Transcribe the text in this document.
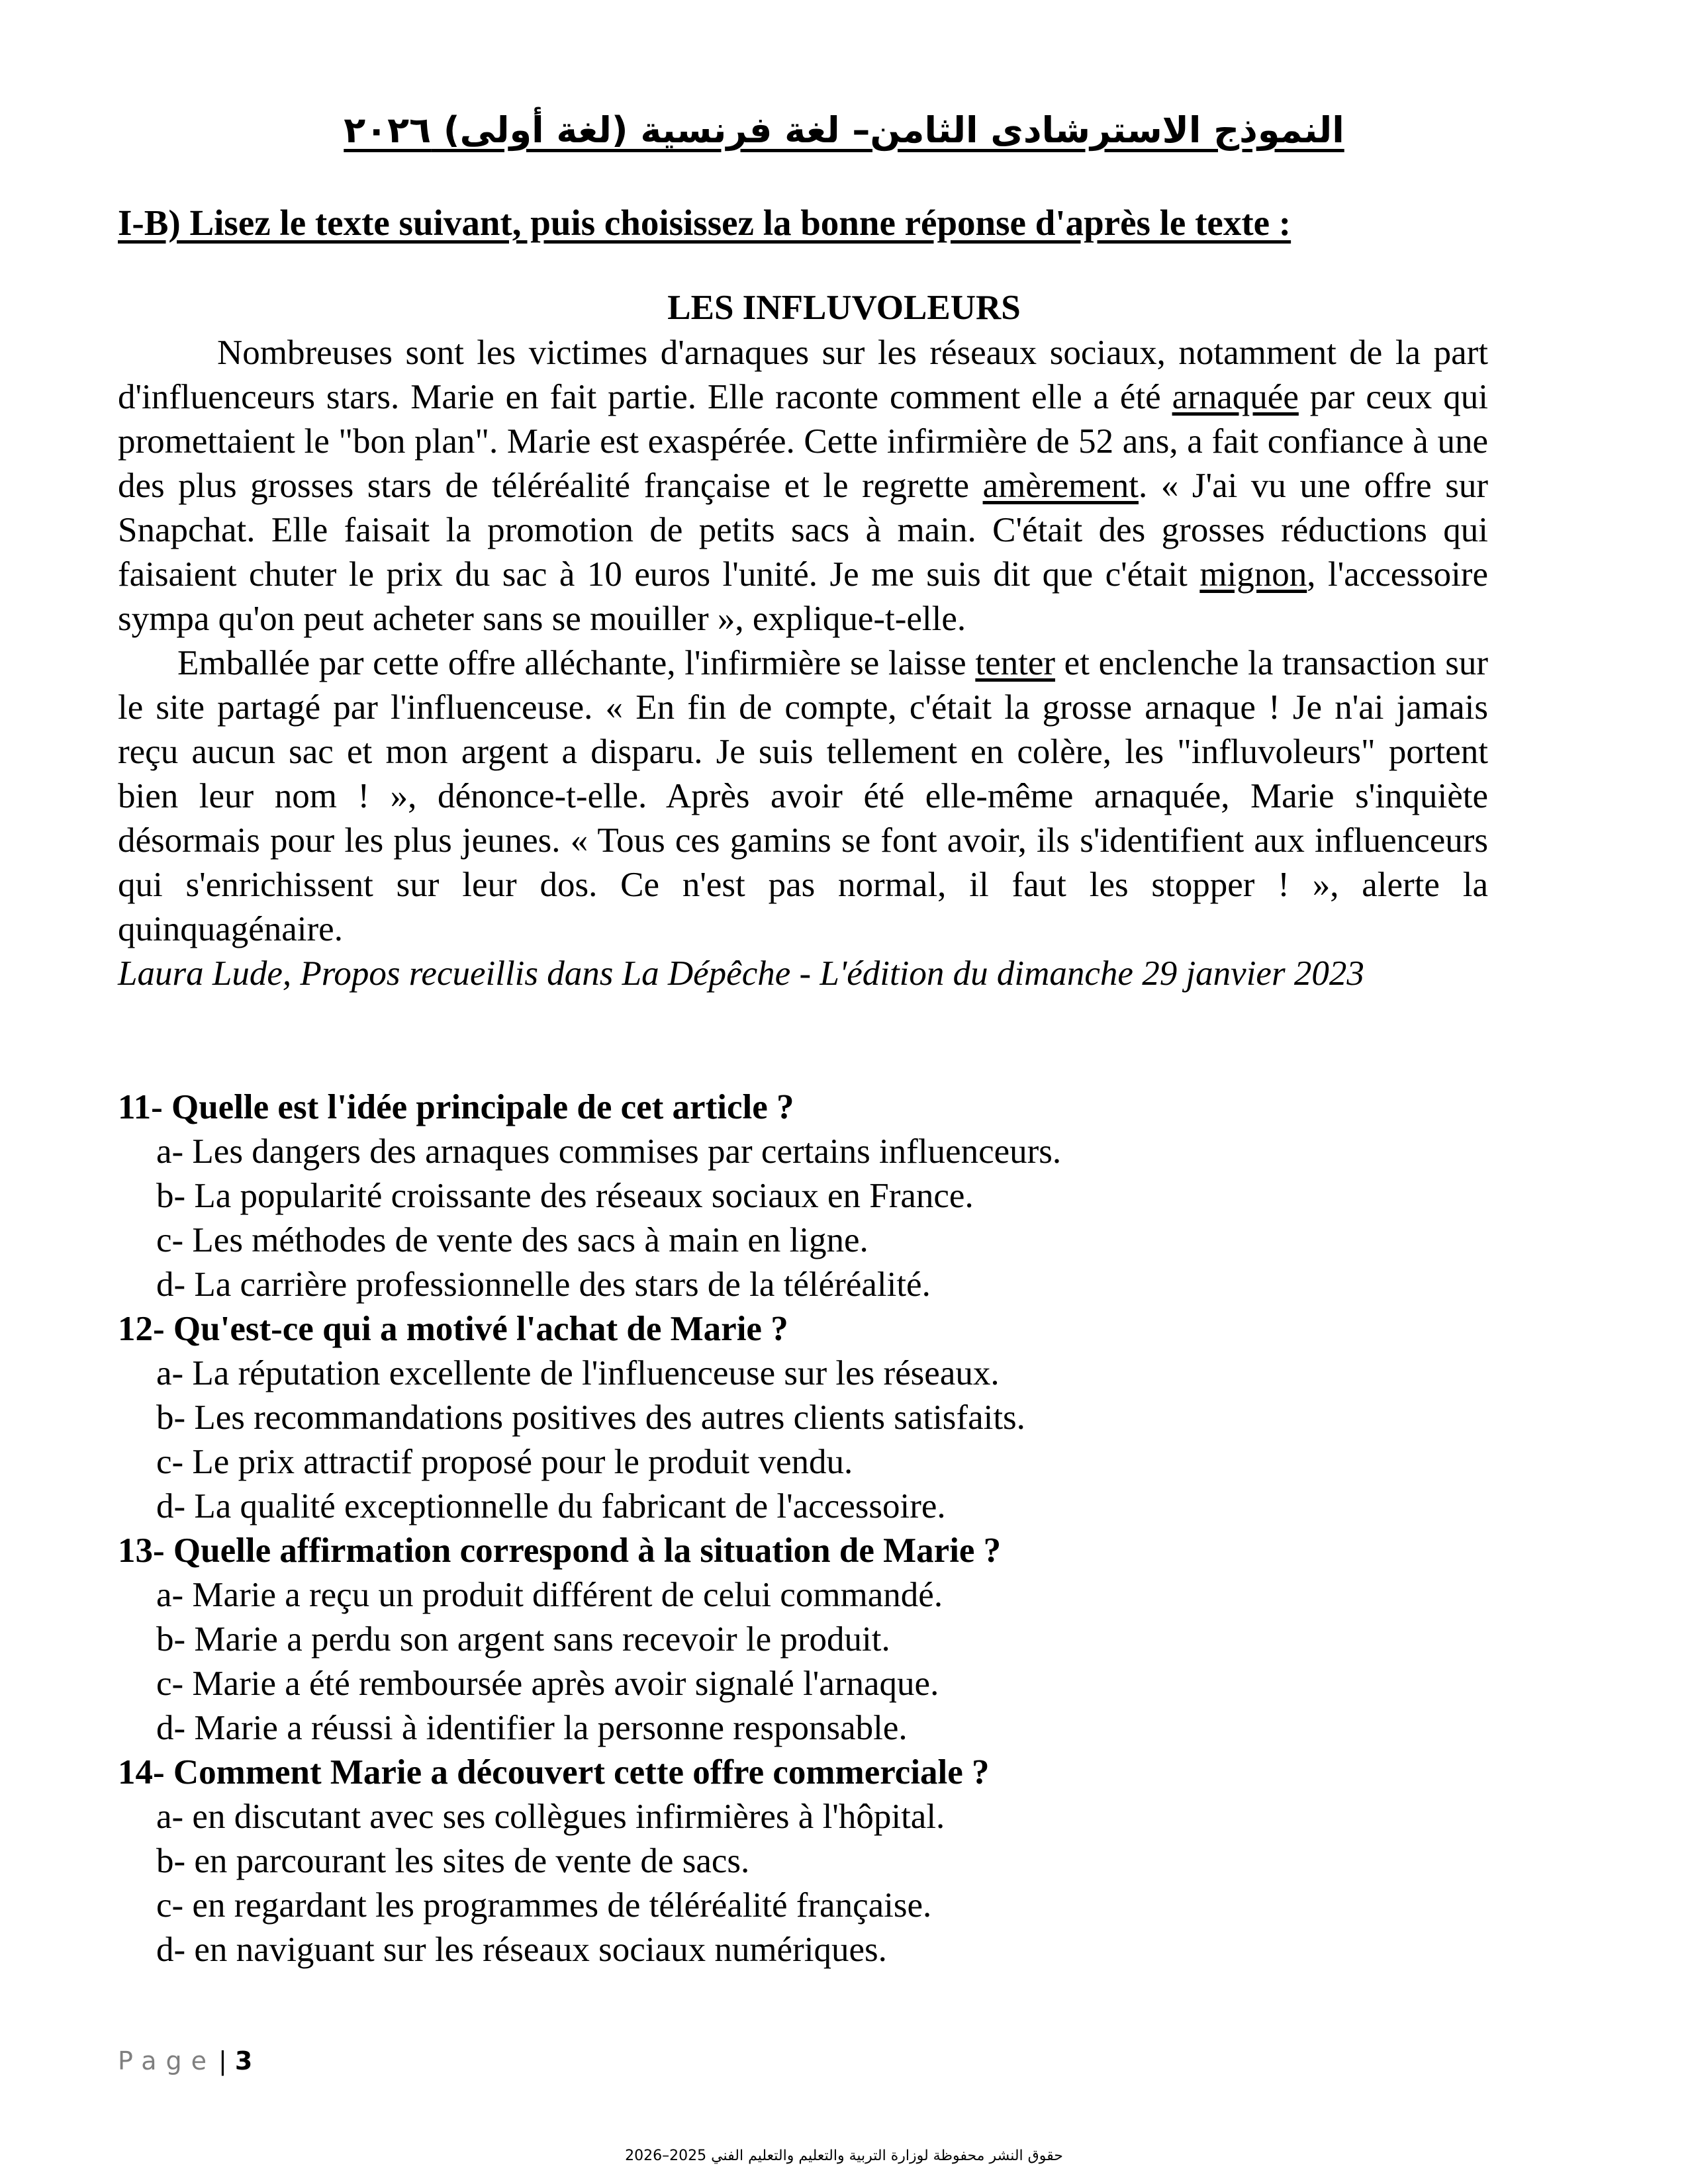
النموذج الاسترشادى الثامن– لغة فرنسية (لغة أولى) ٢٠٢٦
I-B) Lisez le texte suivant, puis choisissez la bonne réponse d'après le texte :
LES INFLUVOLEURS

Nombreuses sont les victimes d'arnaques sur les réseaux sociaux, notamment de la part d'influenceurs stars. Marie en fait partie. Elle raconte comment elle a été arnaquée par ceux qui promettaient le "bon plan". Marie est exaspérée. Cette infirmière de 52 ans, a fait confiance à une des plus grosses stars de téléréalité française et le regrette amèrement. « J'ai vu une offre sur Snapchat. Elle faisait la promotion de petits sacs à main. C'était des grosses réductions qui faisaient chuter le prix du sac à 10 euros l'unité. Je me suis dit que c'était mignon, l'accessoire sympa qu'on peut acheter sans se mouiller », explique-t-elle.

Emballée par cette offre alléchante, l'infirmière se laisse tenter et enclenche la transaction sur le site partagé par l'influenceuse. « En fin de compte, c'était la grosse arnaque ! Je n'ai jamais reçu aucun sac et mon argent a disparu. Je suis tellement en colère, les "influvoleurs" portent bien leur nom ! », dénonce-t-elle. Après avoir été elle-même arnaquée, Marie s'inquiète désormais pour les plus jeunes. « Tous ces gamins se font avoir, ils s'identifient aux influenceurs qui s'enrichissent sur leur dos. Ce n'est pas normal, il faut les stopper ! », alerte la quinquagénaire.

Laura Lude, Propos recueillis dans La Dépêche - L'édition du dimanche 29 janvier 2023

11- Quelle est l'idée principale de cet article ?

a- Les dangers des arnaques commises par certains influenceurs.

b- La popularité croissante des réseaux sociaux en France.

c- Les méthodes de vente des sacs à main en ligne.

d- La carrière professionnelle des stars de la téléréalité.

12- Qu'est-ce qui a motivé l'achat de Marie ?

a- La réputation excellente de l'influenceuse sur les réseaux.

b- Les recommandations positives des autres clients satisfaits.

c- Le prix attractif proposé pour le produit vendu.

d- La qualité exceptionnelle du fabricant de l'accessoire.

13- Quelle affirmation correspond à la situation de Marie ?

a- Marie a reçu un produit différent de celui commandé.

b- Marie a perdu son argent sans recevoir le produit.

c- Marie a été remboursée après avoir signalé l'arnaque.

d- Marie a réussi à identifier la personne responsable.

14- Comment Marie a découvert cette offre commerciale ?

a- en discutant avec ses collègues infirmières à l'hôpital.

b- en parcourant les sites de vente de sacs.

c- en regardant les programmes de téléréalité française.

d- en naviguant sur les réseaux sociaux numériques.

Page | 3
حقوق النشر محفوظة لوزارة التربية والتعليم والتعليم الفني 2025–2026
